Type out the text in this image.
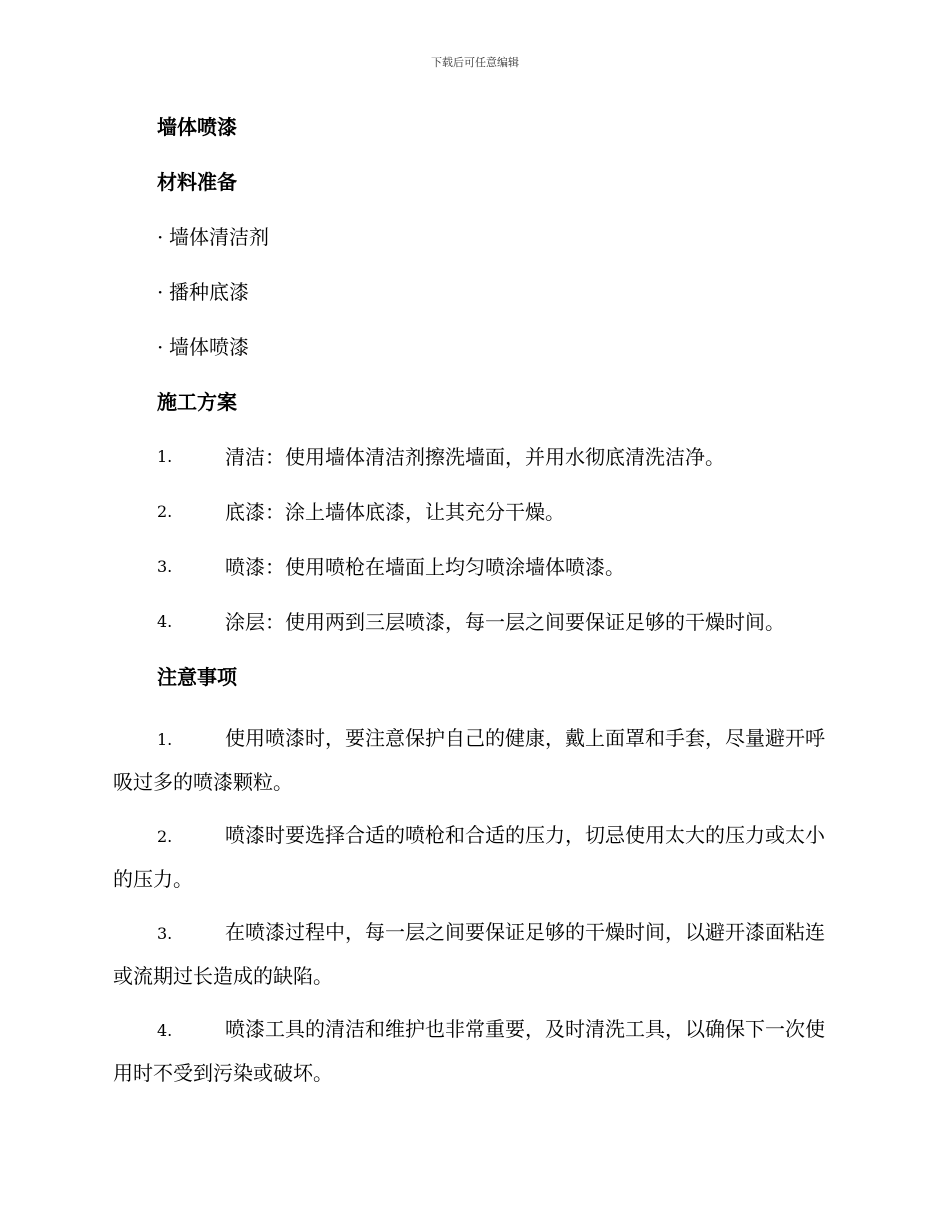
下载后可任意编辑
墙体喷漆
材料准备
· 墙体清洁剂
· 播种底漆
· 墙体喷漆
施工方案
1.	清洁：使用墙体清洁剂擦洗墙面，并用水彻底清洗洁净。
2.	底漆：涂上墙体底漆，让其充分干燥。
3.	喷漆：使用喷枪在墙面上均匀喷涂墙体喷漆。
4.	涂层：使用两到三层喷漆，每一层之间要保证足够的干燥时间。
注意事项
1.	使用喷漆时，要注意保护自己的健康，戴上面罩和手套，尽量避开呼吸过多的喷漆颗粒。
2.	喷漆时要选择合适的喷枪和合适的压力，切忌使用太大的压力或太小的压力。
3.	在喷漆过程中，每一层之间要保证足够的干燥时间，以避开漆面粘连或流期过长造成的缺陷。
4.	喷漆工具的清洁和维护也非常重要，及时清洗工具，以确保下一次使用时不受到污染或破坏。
